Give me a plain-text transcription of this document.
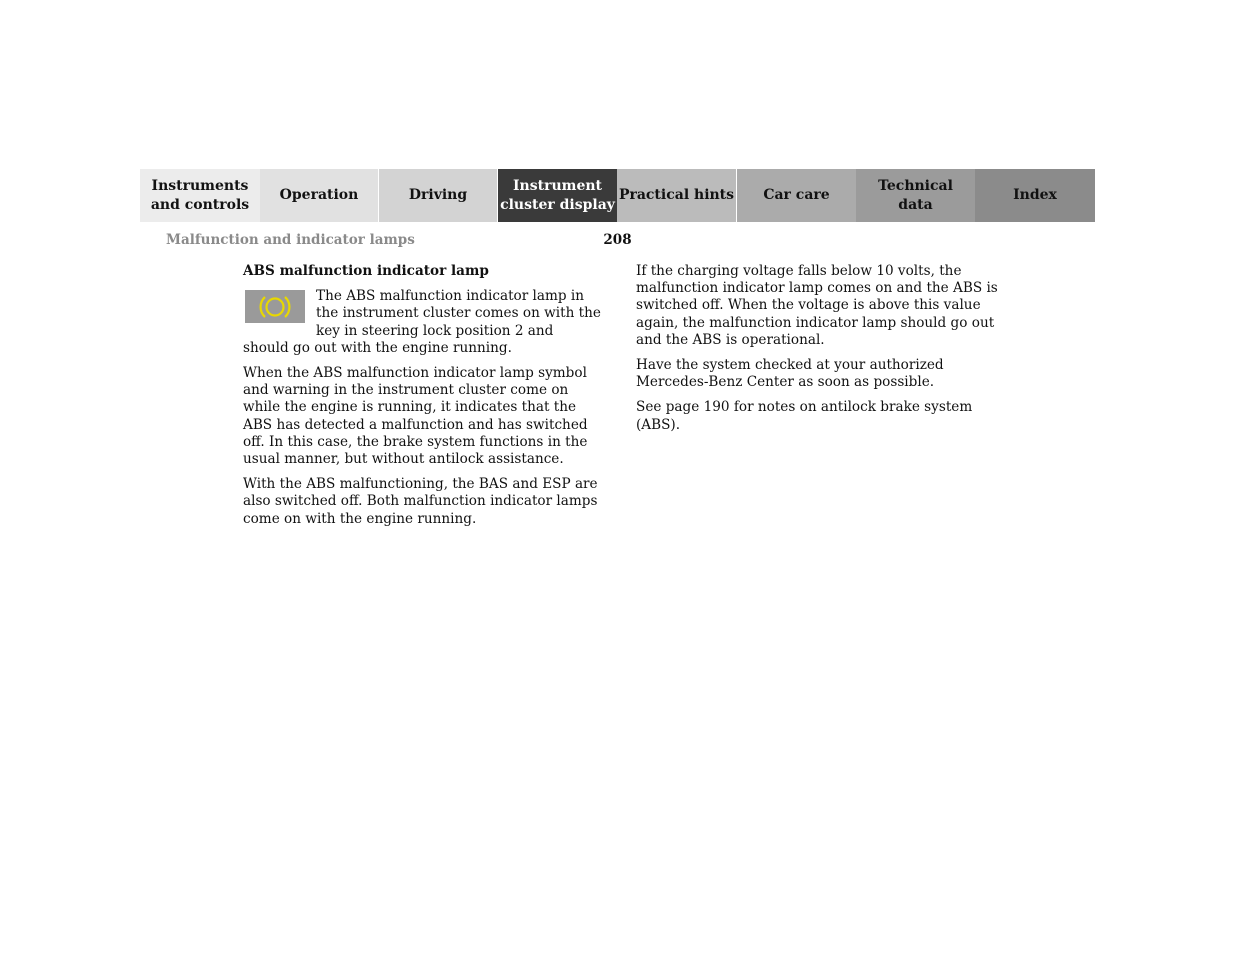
Instruments
and controls
Operation	Driving
Instrument
cluster display
Practical hints Car care
Technical
data
Index
Malfunction and indicator lamps	208
ABS malfunction indicator lamp

The ABS malfunction indicator lamp in the instrument cluster comes on with the key in steering lock position 2 and should go out with the engine running.

When the ABS malfunction indicator lamp symbol and warning in the instrument cluster come on while the engine is running, it indicates that the ABS has detected a malfunction and has switched off. In this case, the brake system functions in the usual manner, but without antilock assistance.

With the ABS malfunctioning, the BAS and ESP are also switched off. Both malfunction indicator lamps come on with the engine running.

If the charging voltage falls below 10 volts, the malfunction indicator lamp comes on and the ABS is switched off. When the voltage is above this value again, the malfunction indicator lamp should go out and the ABS is operational.

Have the system checked at your authorized Mercedes-Benz Center as soon as possible.

See page 190 for notes on antilock brake system (ABS).
